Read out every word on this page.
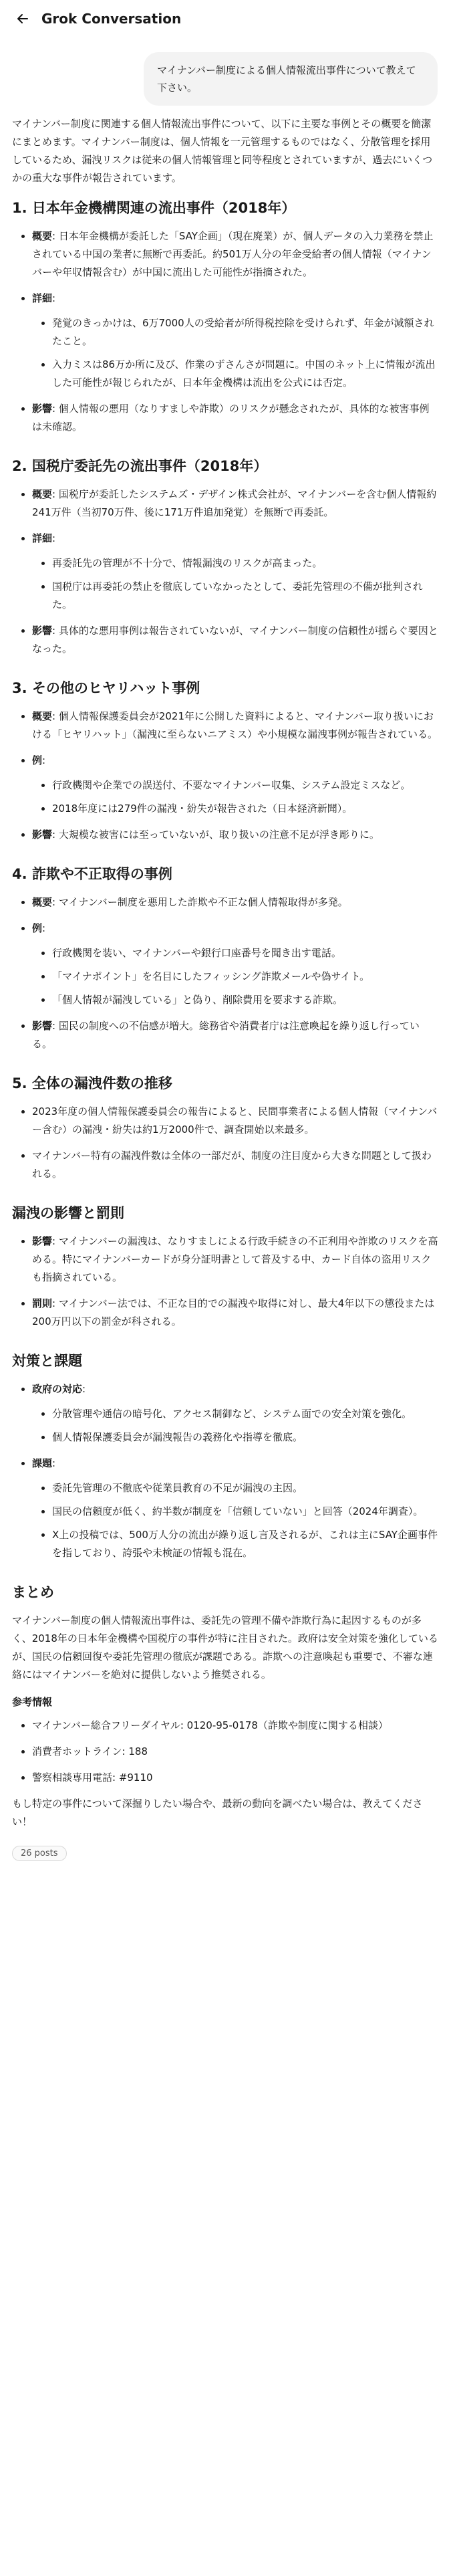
Grok Conversation
マイナンバー制度による個人情報流出事件について教えて下さい。

マイナンバー制度に関連する個人情報流出事件について、以下に主要な事例とその概要を簡潔にまとめます。マイナンバー制度は、個人情報を一元管理するものではなく、分散管理を採用しているため、漏洩リスクは従来の個人情報管理と同等程度とされていますが、過去にいくつかの重大な事件が報告されています。

1. 日本年金機構関連の流出事件（2018年）
• 概要: 日本年金機構が委託した「SAY企画」（現在廃業）が、個人データの入力業務を禁止されている中国の業者に無断で再委託。約501万人分の年金受給者の個人情報（マイナンバーや年収情報含む）が中国に流出した可能性が指摘された。
• 詳細:
• 発覚のきっかけは、6万7000人の受給者が所得税控除を受けられず、年金が減額されたこと。
• 入力ミスは86万か所に及び、作業のずさんさが問題に。中国のネット上に情報が流出した可能性が報じられたが、日本年金機構は流出を公式には否定。
• 影響: 個人情報の悪用（なりすましや詐欺）のリスクが懸念されたが、具体的な被害事例は未確認。
2. 国税庁委託先の流出事件（2018年）
• 概要: 国税庁が委託したシステムズ・デザイン株式会社が、マイナンバーを含む個人情報約241万件（当初70万件、後に171万件追加発覚）を無断で再委託。
• 詳細:
• 再委託先の管理が不十分で、情報漏洩のリスクが高まった。
• 国税庁は再委託の禁止を徹底していなかったとして、委託先管理の不備が批判された。
• 影響: 具体的な悪用事例は報告されていないが、マイナンバー制度の信頼性が揺らぐ要因となった。
3. その他のヒヤリハット事例
• 概要: 個人情報保護委員会が2021年に公開した資料によると、マイナンバー取り扱いにおける「ヒヤリハット」（漏洩に至らないニアミス）や小規模な漏洩事例が報告されている。
• 例:
• 行政機関や企業での誤送付、不要なマイナンバー収集、システム設定ミスなど。
• 2018年度には279件の漏洩・紛失が報告された（日本経済新聞）。
• 影響: 大規模な被害には至っていないが、取り扱いの注意不足が浮き彫りに。
4. 詐欺や不正取得の事例
• 概要: マイナンバー制度を悪用した詐欺や不正な個人情報取得が多発。
• 例:
• 行政機関を装い、マイナンバーや銀行口座番号を聞き出す電話。
• 「マイナポイント」を名目にしたフィッシング詐欺メールや偽サイト。
• 「個人情報が漏洩している」と偽り、削除費用を要求する詐欺。
• 影響: 国民の制度への不信感が増大。総務省や消費者庁は注意喚起を繰り返し行っている。
5. 全体の漏洩件数の推移
• 2023年度の個人情報保護委員会の報告によると、民間事業者による個人情報（マイナンバー含む）の漏洩・紛失は約1万2000件で、調査開始以来最多。
• マイナンバー特有の漏洩件数は全体の一部だが、制度の注目度から大きな問題として扱われる。
漏洩の影響と罰則
• 影響: マイナンバーの漏洩は、なりすましによる行政手続きの不正利用や詐欺のリスクを高める。特にマイナンバーカードが身分証明書として普及する中、カード自体の盗用リスクも指摘されている。
• 罰則: マイナンバー法では、不正な目的での漏洩や取得に対し、最大4年以下の懲役または200万円以下の罰金が科される。
対策と課題
• 政府の対応:
• 分散管理や通信の暗号化、アクセス制御など、システム面での安全対策を強化。
• 個人情報保護委員会が漏洩報告の義務化や指導を徹底。
• 課題:
• 委託先管理の不徹底や従業員教育の不足が漏洩の主因。
• 国民の信頼度が低く、約半数が制度を「信頼していない」と回答（2024年調査）。
• X上の投稿では、500万人分の流出が繰り返し言及されるが、これは主にSAY企画事件を指しており、誇張や未検証の情報も混在。
まとめ

マイナンバー制度の個人情報流出事件は、委託先の管理不備や詐欺行為に起因するものが多く、2018年の日本年金機構や国税庁の事件が特に注目された。政府は安全対策を強化しているが、国民の信頼回復や委託先管理の徹底が課題である。詐欺への注意喚起も重要で、不審な連絡にはマイナンバーを絶対に提供しないよう推奨される。

参考情報
• マイナンバー総合フリーダイヤル: 0120-95-0178（詐欺や制度に関する相談）
• 消費者ホットライン: 188
• 警察相談専用電話: #9110

もし特定の事件について深掘りしたい場合や、最新の動向を調べたい場合は、教えてください！

26 posts
